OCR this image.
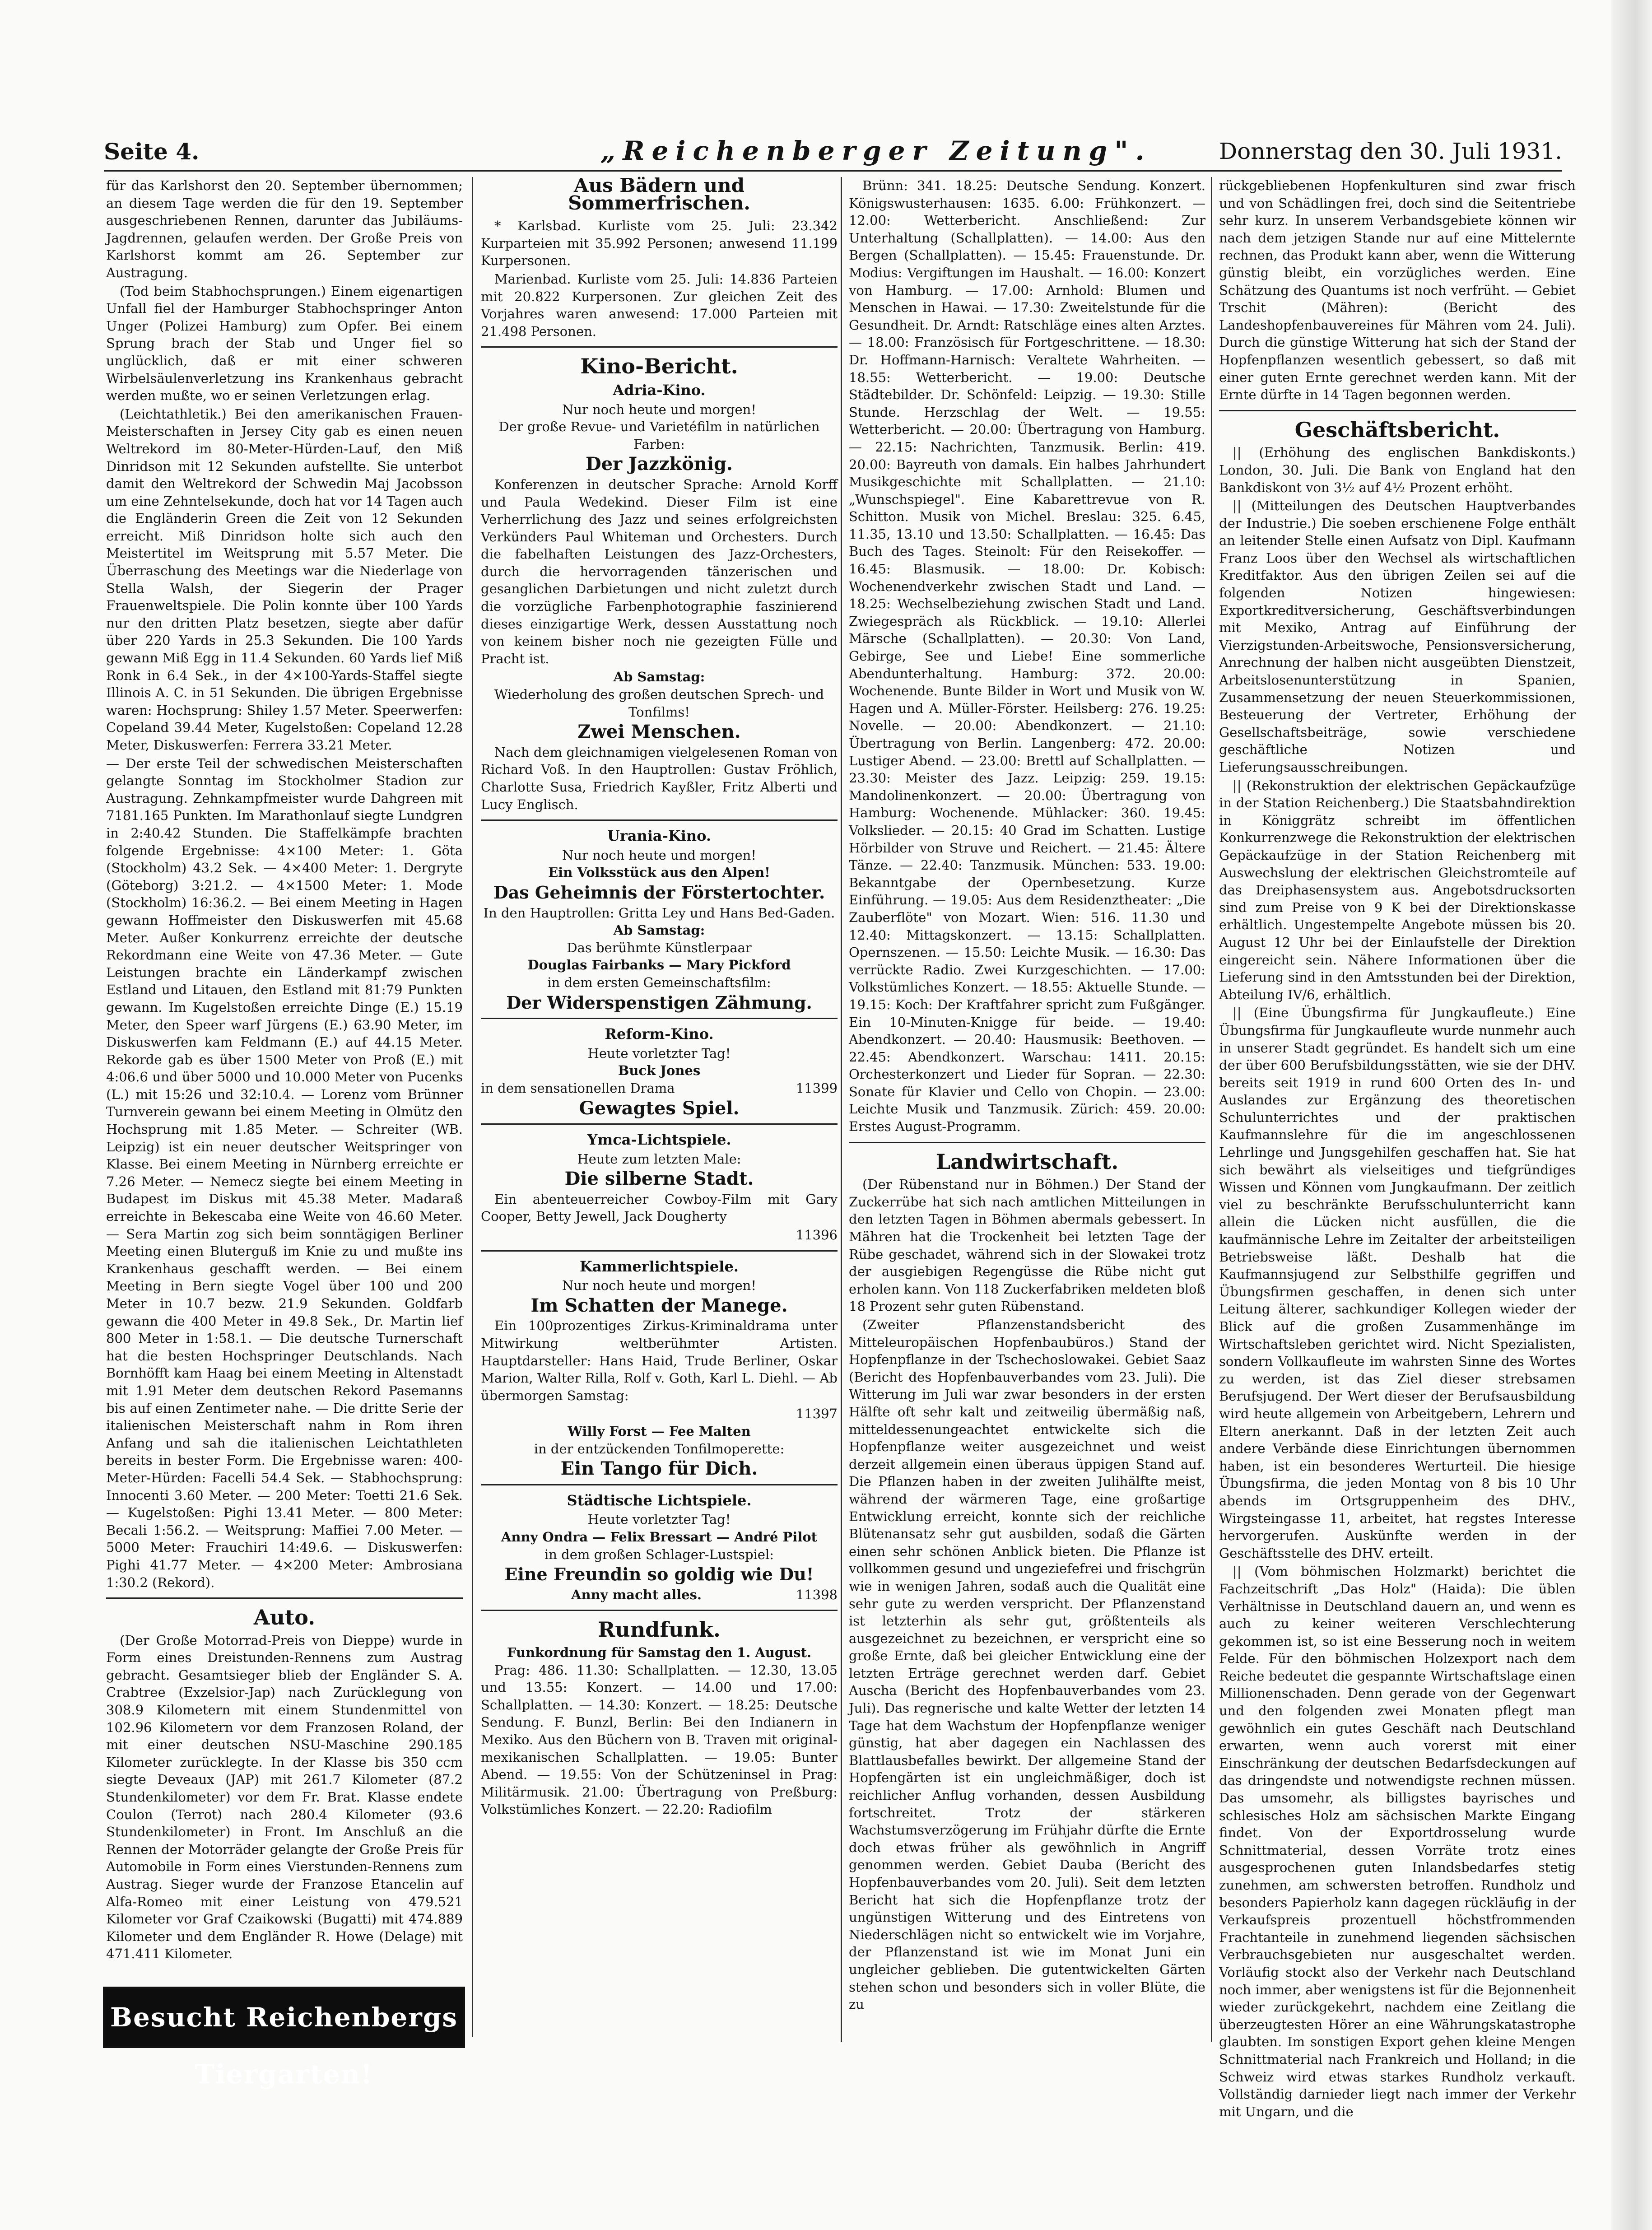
Seite 4.	„Reichenberger Zeitung".	Donnerstag den 30. Juli 1931.

für das Karlshorst den 20. September übernommen; an diesem Tage werden die für den 19. September ausgeschriebenen Rennen, darunter das Jubiläums-Jagdrennen, gelaufen werden. Der Große Preis von Karlshorst kommt am 26. September zur Austragung.

(Tod beim Stabhochsprungen.) Einem eigenartigen Unfall fiel der Hamburger Stabhochspringer Anton Unger (Polizei Hamburg) zum Opfer. Bei einem Sprung brach der Stab und Unger fiel so unglücklich, daß er mit einer schweren Wirbelsäulenverletzung ins Krankenhaus gebracht werden mußte, wo er seinen Verletzungen erlag.

(Leichtathletik.) Bei den amerikanischen Frauen-Meisterschaften in Jersey City gab es einen neuen Weltrekord im 80-Meter-Hürden-Lauf, den Miß Dinridson mit 12 Sekunden aufstellte. Sie unterbot damit den Weltrekord der Schwedin Maj Jacobsson um eine Zehntelsekunde, doch hat vor 14 Tagen auch die Engländerin Green die Zeit von 12 Sekunden erreicht. Miß Dinridson holte sich auch den Meistertitel im Weitsprung mit 5.57 Meter. Die Überraschung des Meetings war die Niederlage von Stella Walsh, der Siegerin der Prager Frauenweltspiele. Die Polin konnte über 100 Yards nur den dritten Platz besetzen, siegte aber dafür über 220 Yards in 25.3 Sekunden. Die 100 Yards gewann Miß Egg in 11.4 Sekunden. 60 Yards lief Miß Ronk in 6.4 Sek., in der 4×100-Yards-Staffel siegte Illinois A. C. in 51 Sekunden. Die übrigen Ergebnisse waren: Hochsprung: Shiley 1.57 Meter. Speerwerfen: Copeland 39.44 Meter, Kugelstoßen: Copeland 12.28 Meter, Diskuswerfen: Ferrera 33.21 Meter.

— Der erste Teil der schwedischen Meisterschaften gelangte Sonntag im Stockholmer Stadion zur Austragung. Zehnkampfmeister wurde Dahgreen mit 7181.165 Punkten. Im Marathonlauf siegte Lundgren in 2:40.42 Stunden. Die Staffelkämpfe brachten folgende Ergebnisse: 4×100 Meter: 1. Göta (Stockholm) 43.2 Sek. — 4×400 Meter: 1. Dergryte (Göteborg) 3:21.2. — 4×1500 Meter: 1. Mode (Stockholm) 16:36.2. — Bei einem Meeting in Hagen gewann Hoffmeister den Diskuswerfen mit 45.68 Meter. Außer Konkurrenz erreichte der deutsche Rekordmann eine Weite von 47.36 Meter. — Gute Leistungen brachte ein Länderkampf zwischen Estland und Litauen, den Estland mit 81:79 Punkten gewann. Im Kugelstoßen erreichte Dinge (E.) 15.19 Meter, den Speer warf Jürgens (E.) 63.90 Meter, im Diskuswerfen kam Feldmann (E.) auf 44.15 Meter. Rekorde gab es über 1500 Meter von Proß (E.) mit 4:06.6 und über 5000 und 10.000 Meter von Pucenks (L.) mit 15:26 und 32:10.4. — Lorenz vom Brünner Turnverein gewann bei einem Meeting in Olmütz den Hochsprung mit 1.85 Meter. — Schreiter (WB. Leipzig) ist ein neuer deutscher Weitspringer von Klasse. Bei einem Meeting in Nürnberg erreichte er 7.26 Meter. — Nemecz siegte bei einem Meeting in Budapest im Diskus mit 45.38 Meter. Madaraß erreichte in Bekescaba eine Weite von 46.60 Meter. — Sera Martin zog sich beim sonntägigen Berliner Meeting einen Bluterguß im Knie zu und mußte ins Krankenhaus geschafft werden. — Bei einem Meeting in Bern siegte Vogel über 100 und 200 Meter in 10.7 bezw. 21.9 Sekunden. Goldfarb gewann die 400 Meter in 49.8 Sek., Dr. Martin lief 800 Meter in 1:58.1. — Die deutsche Turnerschaft hat die besten Hochspringer Deutschlands. Nach Bornhöfft kam Haag bei einem Meeting in Altenstadt mit 1.91 Meter dem deutschen Rekord Pasemanns bis auf einen Zentimeter nahe. — Die dritte Serie der italienischen Meisterschaft nahm in Rom ihren Anfang und sah die italienischen Leichtathleten bereits in bester Form. Die Ergebnisse waren: 400-Meter-Hürden: Facelli 54.4 Sek. — Stabhochsprung: Innocenti 3.60 Meter. — 200 Meter: Toetti 21.6 Sek. — Kugelstoßen: Pighi 13.41 Meter. — 800 Meter: Becali 1:56.2. — Weitsprung: Maffiei 7.00 Meter. — 5000 Meter: Frauchiri 14:49.6. — Diskuswerfen: Pighi 41.77 Meter. — 4×200 Meter: Ambrosiana 1:30.2 (Rekord).

Auto.

(Der Große Motorrad-Preis von Dieppe) wurde in Form eines Dreistunden-Rennens zum Austrag gebracht. Gesamtsieger blieb der Engländer S. A. Crabtree (Exzelsior-Jap) nach Zurücklegung von 308.9 Kilometern mit einem Stundenmittel von 102.96 Kilometern vor dem Franzosen Roland, der mit einer deutschen NSU-Maschine 290.185 Kilometer zurücklegte. In der Klasse bis 350 ccm siegte Deveaux (JAP) mit 261.7 Kilometer (87.2 Stundenkilometer) vor dem Fr. Brat. Klasse endete Coulon (Terrot) nach 280.4 Kilometer (93.6 Stundenkilometer) in Front. Im Anschluß an die Rennen der Motorräder gelangte der Große Preis für Automobile in Form eines Vierstunden-Rennens zum Austrag. Sieger wurde der Franzose Etancelin auf Alfa-Romeo mit einer Leistung von 479.521 Kilometer vor Graf Czaikowski (Bugatti) mit 474.889 Kilometer und dem Engländer R. Howe (Delage) mit 471.411 Kilometer.

Besucht Reichenbergs Tiergarten!
Aus Bädern und Sommerfrischen.

* Karlsbad. Kurliste vom 25. Juli: 23.342 Kurparteien mit 35.992 Personen; anwesend 11.199 Kurpersonen.

Marienbad. Kurliste vom 25. Juli: 14.836 Parteien mit 20.822 Kurpersonen. Zur gleichen Zeit des Vorjahres waren anwesend: 17.000 Parteien mit 21.498 Personen.

Kino-Bericht.
Adria-Kino.
Nur noch heute und morgen!
Der große Revue- und Varietéfilm in natürlichen Farben:
Der Jazzkönig.

Konferenzen in deutscher Sprache: Arnold Korff und Paula Wedekind. Dieser Film ist eine Verherrlichung des Jazz und seines erfolgreichsten Verkünders Paul Whiteman und Orchesters. Durch die fabelhaften Leistungen des Jazz-Orchesters, durch die hervorragenden tänzerischen und gesanglichen Darbietungen und nicht zuletzt durch die vorzügliche Farbenphotographie faszinierend dieses einzigartige Werk, dessen Ausstattung noch von keinem bisher noch nie gezeigten Fülle und Pracht ist.

Ab Samstag:
Wiederholung des großen deutschen Sprech- und Tonfilms!
Zwei Menschen.

Nach dem gleichnamigen vielgelesenen Roman von Richard Voß. In den Hauptrollen: Gustav Fröhlich, Charlotte Susa, Friedrich Kayßler, Fritz Alberti und Lucy Englisch.

Urania-Kino.
Nur noch heute und morgen!
Ein Volksstück aus den Alpen!
Das Geheimnis der Förstertochter.
In den Hauptrollen: Gritta Ley und Hans Bed-Gaden.
Ab Samstag:
Das berühmte Künstlerpaar
Douglas Fairbanks — Mary Pickford
in dem ersten Gemeinschaftsfilm:
Der Widerspenstigen Zähmung.
Reform-Kino.
Heute vorletzter Tag!
Buck Jones
in dem sensationellen Drama	11399
Gewagtes Spiel.
Ymca-Lichtspiele.
Heute zum letzten Male:
Die silberne Stadt.

Ein abenteuerreicher Cowboy-Film mit Gary Cooper, Betty Jewell, Jack Dougherty

11396
Kammerlichtspiele.
Nur noch heute und morgen!
Im Schatten der Manege.

Ein 100prozentiges Zirkus-Kriminaldrama unter Mitwirkung weltberühmter Artisten. Hauptdarsteller: Hans Haid, Trude Berliner, Oskar Marion, Walter Rilla, Rolf v. Goth, Karl L. Diehl. — Ab übermorgen Samstag:

11397
Willy Forst — Fee Malten
in der entzückenden Tonfilmoperette:
Ein Tango für Dich.
Städtische Lichtspiele.
Heute vorletzter Tag!
Anny Ondra — Felix Bressart — André Pilot
in dem großen Schlager-Lustspiel:
Eine Freundin so goldig wie Du!
Anny macht alles.	11398
Rundfunk.
Funkordnung für Samstag den 1. August.

Prag: 486. 11.30: Schallplatten. — 12.30, 13.05 und 13.55: Konzert. — 14.00 und 17.00: Schallplatten. — 14.30: Konzert. — 18.25: Deutsche Sendung. F. Bunzl, Berlin: Bei den Indianern in Mexiko. Aus den Büchern von B. Traven mit original-mexikanischen Schallplatten. — 19.05: Bunter Abend. — 19.55: Von der Schützeninsel in Prag: Militärmusik. 21.00: Übertragung von Preßburg: Volkstümliches Konzert. — 22.20: Radiofilm

Brünn: 341. 18.25: Deutsche Sendung. Konzert. Königswusterhausen: 1635. 6.00: Frühkonzert. — 12.00: Wetterbericht. Anschließend: Zur Unterhaltung (Schallplatten). — 14.00: Aus den Bergen (Schallplatten). — 15.45: Frauenstunde. Dr. Modius: Vergiftungen im Haushalt. — 16.00: Konzert von Hamburg. — 17.00: Arnhold: Blumen und Menschen in Hawai. — 17.30: Zweitelstunde für die Gesundheit. Dr. Arndt: Ratschläge eines alten Arztes. — 18.00: Französisch für Fortgeschrittene. — 18.30: Dr. Hoffmann-Harnisch: Veraltete Wahrheiten. — 18.55: Wetterbericht. — 19.00: Deutsche Städtebilder. Dr. Schönfeld: Leipzig. — 19.30: Stille Stunde. Herzschlag der Welt. — 19.55: Wetterbericht. — 20.00: Übertragung von Hamburg. — 22.15: Nachrichten, Tanzmusik. Berlin: 419. 20.00: Bayreuth von damals. Ein halbes Jahrhundert Musikgeschichte mit Schallplatten. — 21.10: „Wunschspiegel". Eine Kabarettrevue von R. Schitton. Musik von Michel. Breslau: 325. 6.45, 11.35, 13.10 und 13.50: Schallplatten. — 16.45: Das Buch des Tages. Steinolt: Für den Reisekoffer. — 16.45: Blasmusik. — 18.00: Dr. Kobisch: Wochenendverkehr zwischen Stadt und Land. — 18.25: Wechselbeziehung zwischen Stadt und Land. Zwiegespräch als Rückblick. — 19.10: Allerlei Märsche (Schallplatten). — 20.30: Von Land, Gebirge, See und Liebe! Eine sommerliche Abendunterhaltung. Hamburg: 372. 20.00: Wochenende. Bunte Bilder in Wort und Musik von W. Hagen und A. Müller-Förster. Heilsberg: 276. 19.25: Novelle. — 20.00: Abendkonzert. — 21.10: Übertragung von Berlin. Langenberg: 472. 20.00: Lustiger Abend. — 23.00: Brettl auf Schallplatten. — 23.30: Meister des Jazz. Leipzig: 259. 19.15: Mandolinenkonzert. — 20.00: Übertragung von Hamburg: Wochenende. Mühlacker: 360. 19.45: Volkslieder. — 20.15: 40 Grad im Schatten. Lustige Hörbilder von Struve und Reichert. — 21.45: Ältere Tänze. — 22.40: Tanzmusik. München: 533. 19.00: Bekanntgabe der Opernbesetzung. Kurze Einführung. — 19.05: Aus dem Residenztheater: „Die Zauberflöte" von Mozart. Wien: 516. 11.30 und 12.40: Mittagskonzert. — 13.15: Schallplatten. Opernszenen. — 15.50: Leichte Musik. — 16.30: Das verrückte Radio. Zwei Kurzgeschichten. — 17.00: Volkstümliches Konzert. — 18.55: Aktuelle Stunde. — 19.15: Koch: Der Kraftfahrer spricht zum Fußgänger. Ein 10-Minuten-Knigge für beide. — 19.40: Abendkonzert. — 20.40: Hausmusik: Beethoven. — 22.45: Abendkonzert. Warschau: 1411. 20.15: Orchesterkonzert und Lieder für Sopran. — 22.30: Sonate für Klavier und Cello von Chopin. — 23.00: Leichte Musik und Tanzmusik. Zürich: 459. 20.00: Erstes August-Programm.

Landwirtschaft.

(Der Rübenstand nur in Böhmen.) Der Stand der Zuckerrübe hat sich nach amtlichen Mitteilungen in den letzten Tagen in Böhmen abermals gebessert. In Mähren hat die Trockenheit bei letzten Tage der Rübe geschadet, während sich in der Slowakei trotz der ausgiebigen Regengüsse die Rübe nicht gut erholen kann. Von 118 Zuckerfabriken meldeten bloß 18 Prozent sehr guten Rübenstand.

(Zweiter Pflanzenstandsbericht des Mitteleuropäischen Hopfenbaubüros.) Stand der Hopfenpflanze in der Tschechoslowakei. Gebiet Saaz (Bericht des Hopfenbauverbandes vom 23. Juli). Die Witterung im Juli war zwar besonders in der ersten Hälfte oft sehr kalt und zeitweilig übermäßig naß, mitteldessenungeachtet entwickelte sich die Hopfenpflanze weiter ausgezeichnet und weist derzeit allgemein einen überaus üppigen Stand auf. Die Pflanzen haben in der zweiten Julihälfte meist, während der wärmeren Tage, eine großartige Entwicklung erreicht, konnte sich der reichliche Blütenansatz sehr gut ausbilden, sodaß die Gärten einen sehr schönen Anblick bieten. Die Pflanze ist vollkommen gesund und ungeziefefrei und frischgrün wie in wenigen Jahren, sodaß auch die Qualität eine sehr gute zu werden verspricht. Der Pflanzenstand ist letzterhin als sehr gut, größtenteils als ausgezeichnet zu bezeichnen, er verspricht eine so große Ernte, daß bei gleicher Entwicklung eine der letzten Erträge gerechnet werden darf. Gebiet Auscha (Bericht des Hopfenbauverbandes vom 23. Juli). Das regnerische und kalte Wetter der letzten 14 Tage hat dem Wachstum der Hopfenpflanze weniger günstig, hat aber dagegen ein Nachlassen des Blattlausbefalles bewirkt. Der allgemeine Stand der Hopfengärten ist ein ungleichmäßiger, doch ist reichlicher Anflug vorhanden, dessen Ausbildung fortschreitet. Trotz der stärkeren Wachstumsverzögerung im Frühjahr dürfte die Ernte doch etwas früher als gewöhnlich in Angriff genommen werden. Gebiet Dauba (Bericht des Hopfenbauverbandes vom 20. Juli). Seit dem letzten Bericht hat sich die Hopfenpflanze trotz der ungünstigen Witterung und des Eintretens von Niederschlägen nicht so entwickelt wie im Vorjahre, der Pflanzenstand ist wie im Monat Juni ein ungleicher geblieben. Die gutentwickelten Gärten stehen schon und besonders sich in voller Blüte, die zu

rückgebliebenen Hopfenkulturen sind zwar frisch und von Schädlingen frei, doch sind die Seitentriebe sehr kurz. In unserem Verbandsgebiete können wir nach dem jetzigen Stande nur auf eine Mittelernte rechnen, das Produkt kann aber, wenn die Witterung günstig bleibt, ein vorzügliches werden. Eine Schätzung des Quantums ist noch verfrüht. — Gebiet Trschit (Mähren): (Bericht des Landeshopfenbauvereines für Mähren vom 24. Juli). Durch die günstige Witterung hat sich der Stand der Hopfenpflanzen wesentlich gebessert, so daß mit einer guten Ernte gerechnet werden kann. Mit der Ernte dürfte in 14 Tagen begonnen werden.

Geschäftsbericht.

|| (Erhöhung des englischen Bankdiskonts.) London, 30. Juli. Die Bank von England hat den Bankdiskont von 3½ auf 4½ Prozent erhöht.

|| (Mitteilungen des Deutschen Hauptverbandes der Industrie.) Die soeben erschienene Folge enthält an leitender Stelle einen Aufsatz von Dipl. Kaufmann Franz Loos über den Wechsel als wirtschaftlichen Kreditfaktor. Aus den übrigen Zeilen sei auf die folgenden Notizen hingewiesen: Exportkreditversicherung, Geschäftsverbindungen mit Mexiko, Antrag auf Einführung der Vierzigstunden-Arbeitswoche, Pensionsversicherung, Anrechnung der halben nicht ausgeübten Dienstzeit, Arbeitslosenunterstützung in Spanien, Zusammensetzung der neuen Steuerkommissionen, Besteuerung der Vertreter, Erhöhung der Gesellschaftsbeiträge, sowie verschiedene geschäftliche Notizen und Lieferungsausschreibungen.

|| (Rekonstruktion der elektrischen Gepäckaufzüge in der Station Reichenberg.) Die Staatsbahndirektion in Königgrätz schreibt im öffentlichen Konkurrenzwege die Rekonstruktion der elektrischen Gepäckaufzüge in der Station Reichenberg mit Auswechslung der elektrischen Gleichstromteile auf das Dreiphasensystem aus. Angebotsdrucksorten sind zum Preise von 9 K bei der Direktionskasse erhältlich. Ungestempelte Angebote müssen bis 20. August 12 Uhr bei der Einlaufstelle der Direktion eingereicht sein. Nähere Informationen über die Lieferung sind in den Amtsstunden bei der Direktion, Abteilung IV/6, erhältlich.

|| (Eine Übungsfirma für Jungkaufleute.) Eine Übungsfirma für Jungkaufleute wurde nunmehr auch in unserer Stadt gegründet. Es handelt sich um eine der über 600 Berufsbildungsstätten, wie sie der DHV. bereits seit 1919 in rund 600 Orten des In- und Auslandes zur Ergänzung des theoretischen Schulunterrichtes und der praktischen Kaufmannslehre für die im angeschlossenen Lehrlinge und Jungsgehilfen geschaffen hat. Sie hat sich bewährt als vielseitiges und tiefgründiges Wissen und Können vom Jungkaufmann. Der zeitlich viel zu beschränkte Berufsschulunterricht kann allein die Lücken nicht ausfüllen, die die kaufmännische Lehre im Zeitalter der arbeitsteiligen Betriebsweise läßt. Deshalb hat die Kaufmannsjugend zur Selbsthilfe gegriffen und Übungsfirmen geschaffen, in denen sich unter Leitung älterer, sachkundiger Kollegen wieder der Blick auf die großen Zusammenhänge im Wirtschaftsleben gerichtet wird. Nicht Spezialisten, sondern Vollkaufleute im wahrsten Sinne des Wortes zu werden, ist das Ziel dieser strebsamen Berufsjugend. Der Wert dieser der Berufsausbildung wird heute allgemein von Arbeitgebern, Lehrern und Eltern anerkannt. Daß in der letzten Zeit auch andere Verbände diese Einrichtungen übernommen haben, ist ein besonderes Werturteil. Die hiesige Übungsfirma, die jeden Montag von 8 bis 10 Uhr abends im Ortsgruppenheim des DHV., Wirgsteingasse 11, arbeitet, hat regstes Interesse hervorgerufen. Auskünfte werden in der Geschäftsstelle des DHV. erteilt.

|| (Vom böhmischen Holzmarkt) berichtet die Fachzeitschrift „Das Holz" (Haida): Die üblen Verhältnisse in Deutschland dauern an, und wenn es auch zu keiner weiteren Verschlechterung gekommen ist, so ist eine Besserung noch in weitem Felde. Für den böhmischen Holzexport nach dem Reiche bedeutet die gespannte Wirtschaftslage einen Millionenschaden. Denn gerade von der Gegenwart und den folgenden zwei Monaten pflegt man gewöhnlich ein gutes Geschäft nach Deutschland erwarten, wenn auch vorerst mit einer Einschränkung der deutschen Bedarfsdeckungen auf das dringendste und notwendigste rechnen müssen. Das umsomehr, als billigstes bayrisches und schlesisches Holz am sächsischen Markte Eingang findet. Von der Exportdrosselung wurde Schnittmaterial, dessen Vorräte trotz eines ausgesprochenen guten Inlandsbedarfes stetig zunehmen, am schwersten betroffen. Rundholz und besonders Papierholz kann dagegen rückläufig in der Verkaufspreis prozentuell höchstfrommenden Frachtanteile in zunehmend liegenden sächsischen Verbrauchsgebieten nur ausgeschaltet werden. Vorläufig stockt also der Verkehr nach Deutschland noch immer, aber wenigstens ist für die Bejonnenheit wieder zurückgekehrt, nachdem eine Zeitlang die überzeugtesten Hörer an eine Währungskatastrophe glaubten. Im sonstigen Export gehen kleine Mengen Schnittmaterial nach Frankreich und Holland; in die Schweiz wird etwas starkes Rundholz verkauft. Vollständig darnieder liegt nach immer der Verkehr mit Ungarn, und die
